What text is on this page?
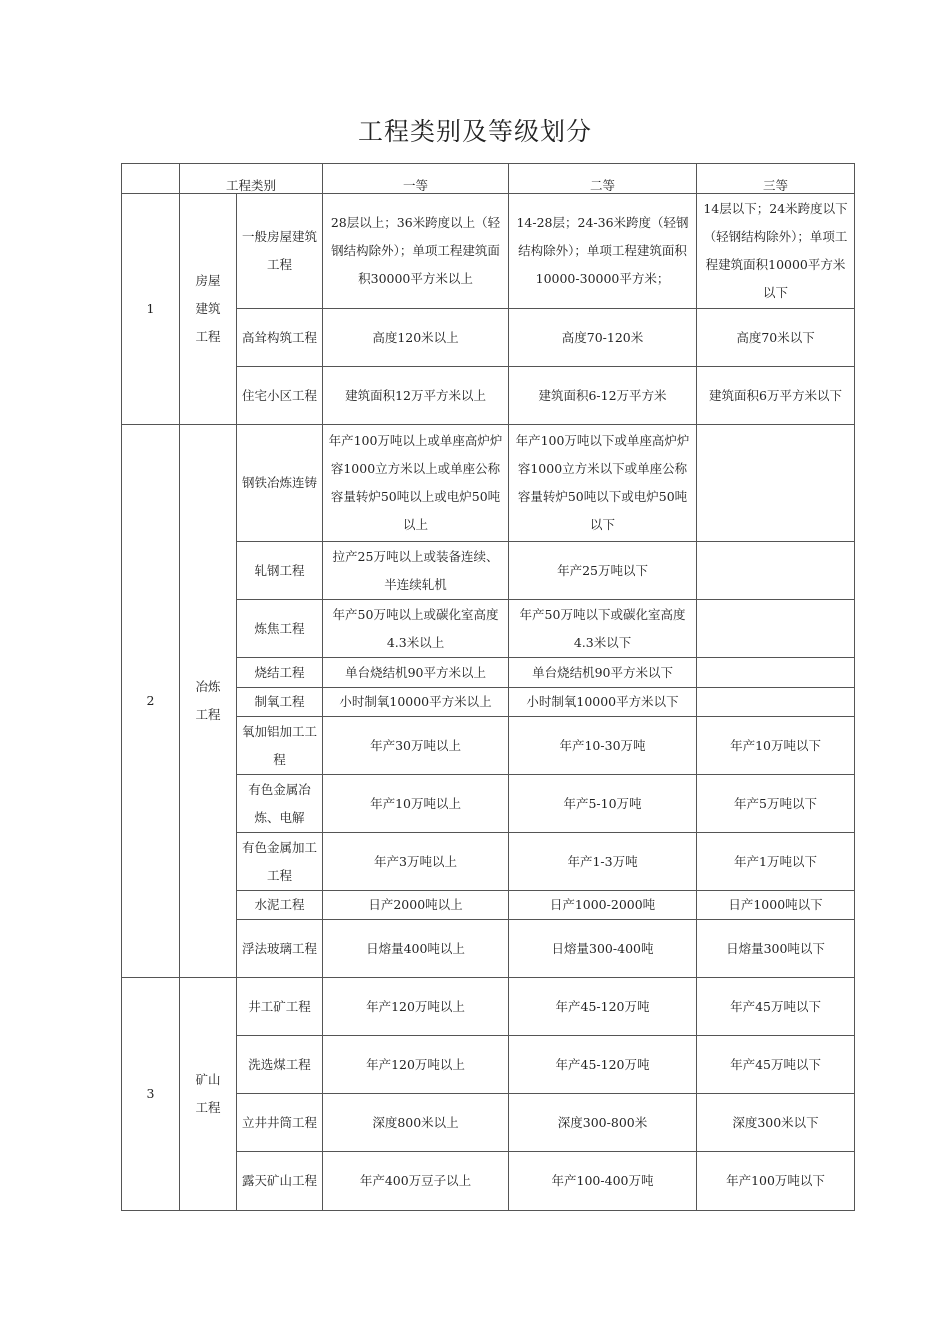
工程类别及等级划分
	工程类别		一等	二等	三等
1	房屋建筑工程	一般房屋建筑工程	28层以上；36米跨度以上（轻钢结构除外）；单项工程建筑面积30000平方米以上	14-28层；24-36米跨度（轻钢结构除外）；单项工程建筑面积10000-30000平方米；	14层以下；24米跨度以下（轻钢结构除外）；单项工程建筑面积10000平方米以下
		高耸构筑工程	高度120米以上	高度70-120米	高度70米以下
		住宅小区工程	建筑面积12万平方米以上	建筑面积6-12万平方米	建筑面积6万平方米以下
2	冶炼工程	钢铁冶炼连铸	年产100万吨以上或单座高炉炉容1000立方米以上或单座公称容量转炉50吨以上或电炉50吨以上	年产100万吨以下或单座高炉炉容1000立方米以下或单座公称容量转炉50吨以下或电炉50吨以下	
		轧钢工程	拉产25万吨以上或装备连续、半连续轧机	年产25万吨以下	
		炼焦工程	年产50万吨以上或碳化室高度4.3米以上	年产50万吨以下或碳化室高度4.3米以下	
		烧结工程	单台烧结机90平方米以上	单台烧结机90平方米以下	
		制氧工程	小时制氧10000平方米以上	小时制氧10000平方米以下	
		氧加铝加工工程	年产30万吨以上	年产10-30万吨	年产10万吨以下
		有色金属冶炼、电解	年产10万吨以上	年产5-10万吨	年产5万吨以下
		有色金属加工工程	年产3万吨以上	年产1-3万吨	年产1万吨以下
		水泥工程	日产2000吨以上	日产1000-2000吨	日产1000吨以下
		浮法玻璃工程	日熔量400吨以上	日熔量300-400吨	日熔量300吨以下
3	矿山工程	井工矿工程	年产120万吨以上	年产45-120万吨	年产45万吨以下
		洗选煤工程	年产120万吨以上	年产45-120万吨	年产45万吨以下
		立井井筒工程	深度800米以上	深度300-800米	深度300米以下
		露天矿山工程	年产400万豆子以上	年产100-400万吨	年产100万吨以下
